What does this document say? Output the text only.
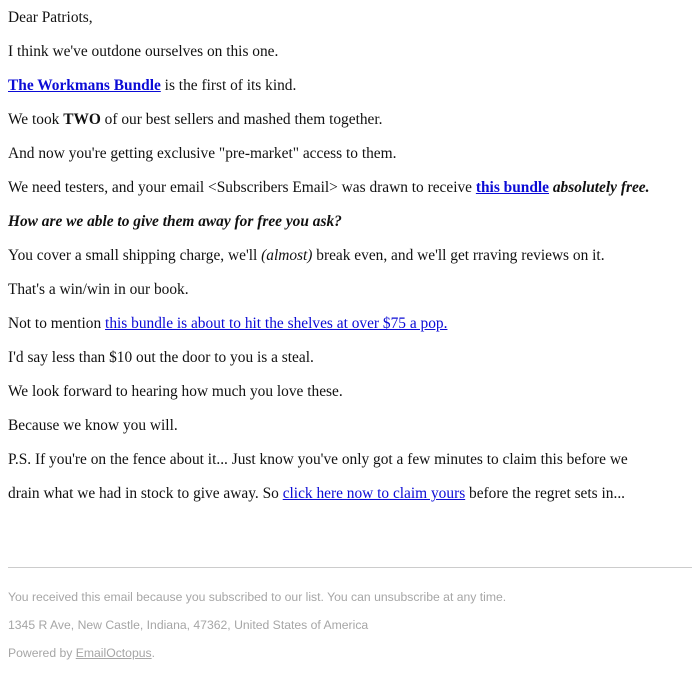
Dear Patriots,
I think we've outdone ourselves on this one.
The Workmans Bundle is the first of its kind.
We took TWO of our best sellers and mashed them together.
And now you're getting exclusive "pre-market" access to them.
We need testers, and your email <Subscribers Email> was drawn to receive this bundle absolutely free.
How are we able to give them away for free you ask?
You cover a small shipping charge, we'll (almost) break even, and we'll get rraving reviews on it.
That's a win/win in our book.
Not to mention this bundle is about to hit the shelves at over $75 a pop.
I'd say less than $10 out the door to you is a steal.
We look forward to hearing how much you love these.
Because we know you will.
P.S. If you're on the fence about it... Just know you've only got a few minutes to claim this before we
drain what we had in stock to give away. So click here now to claim yours before the regret sets in...
You received this email because you subscribed to our list. You can unsubscribe at any time.
1345 R Ave, New Castle, Indiana, 47362, United States of America
Powered by EmailOctopus.
